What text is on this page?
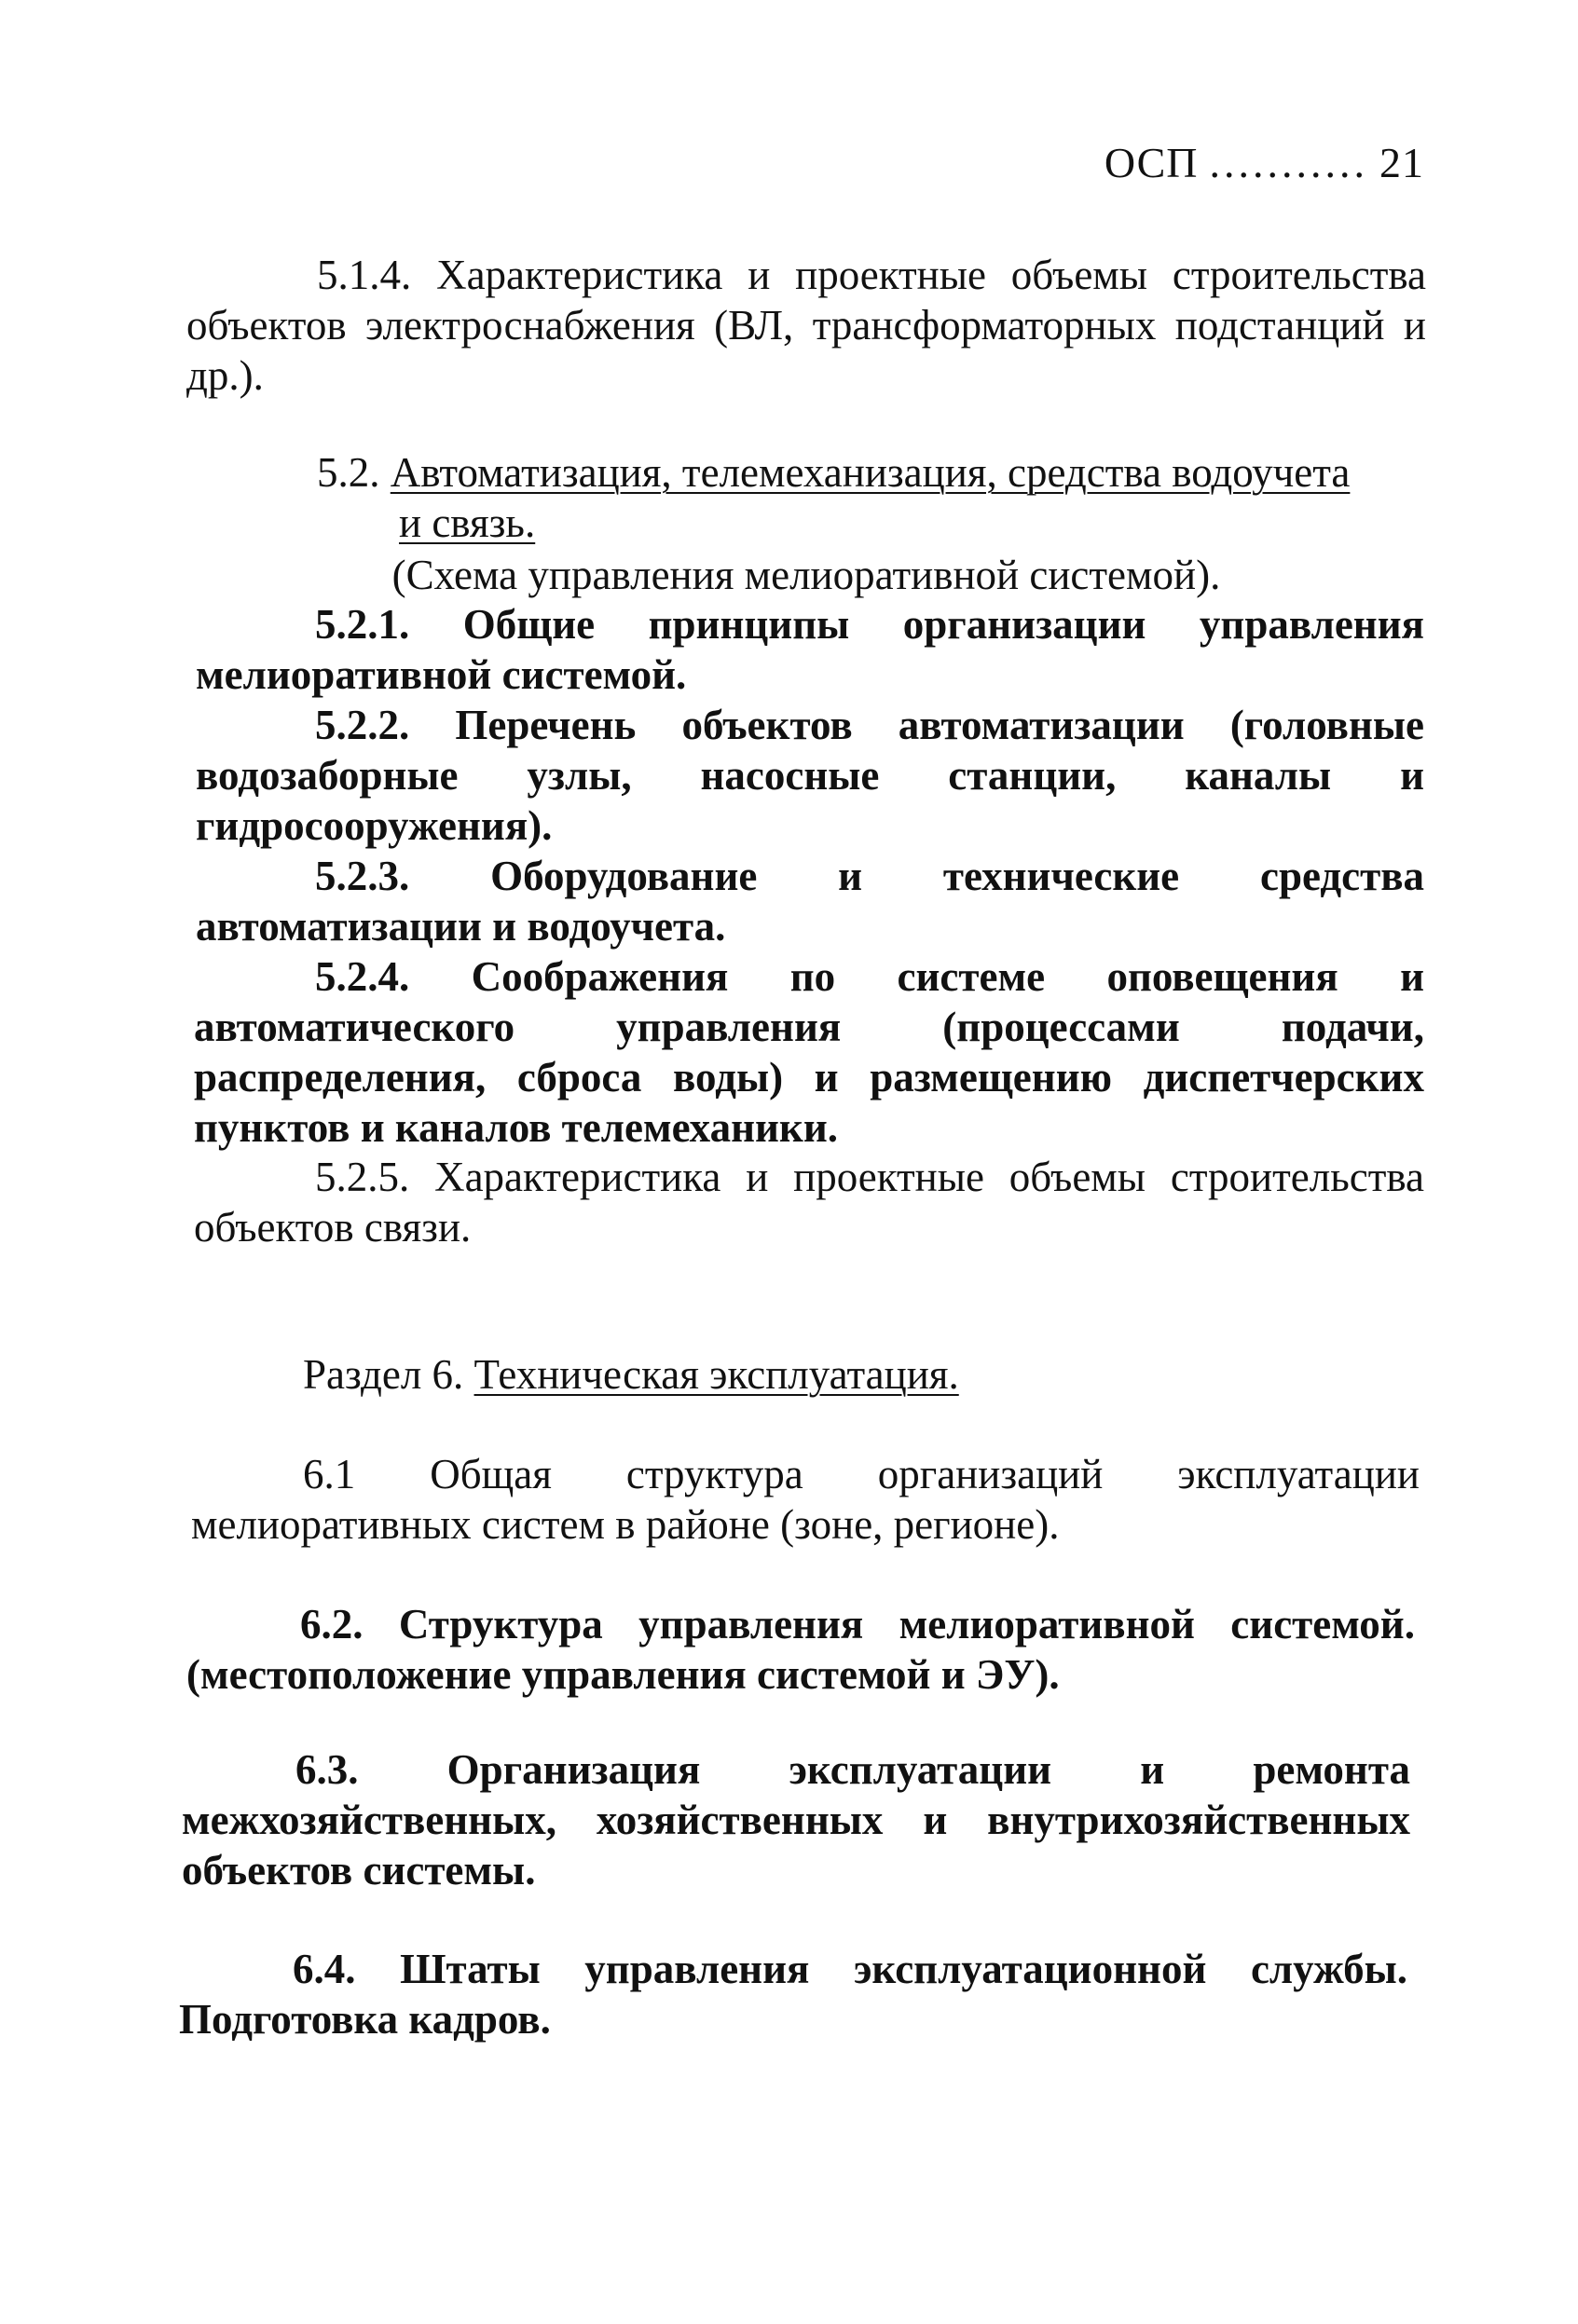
ОСП ........... 21
5.1.4. Характеристика и проектные объемы строительства объектов электроснабжения (ВЛ, трансформаторных подстанций и др.).
5.2. Автоматизация, телемеханизация, средства водоучета
и связь.
(Схема управления мелиоративной системой).
5.2.1. Общие принципы организации управления мелиоративной системой.
5.2.2. Перечень объектов автоматизации (головные водозаборные узлы, насосные станции, каналы и гидросооружения).
5.2.3. Оборудование и технические средства автоматизации и водоучета.
5.2.4. Соображения по системе оповещения и автоматического управления (процессами подачи, распределения, сброса воды) и размещению диспетчерских пунктов и каналов телемеханики.
5.2.5. Характеристика и проектные объемы строительства объектов связи.
Раздел 6. Техническая эксплуатация.
6.1 Общая структура организаций эксплуатации мелиоративных систем в районе (зоне, регионе).
6.2. Структура управления мелиоративной системой. (местоположение управления системой и ЭУ).
6.3. Организация эксплуатации и ремонта межхозяйственных, хозяйственных и внутрихозяйственных объектов системы.
6.4. Штаты управления эксплуатационной службы. Подготовка кадров.
